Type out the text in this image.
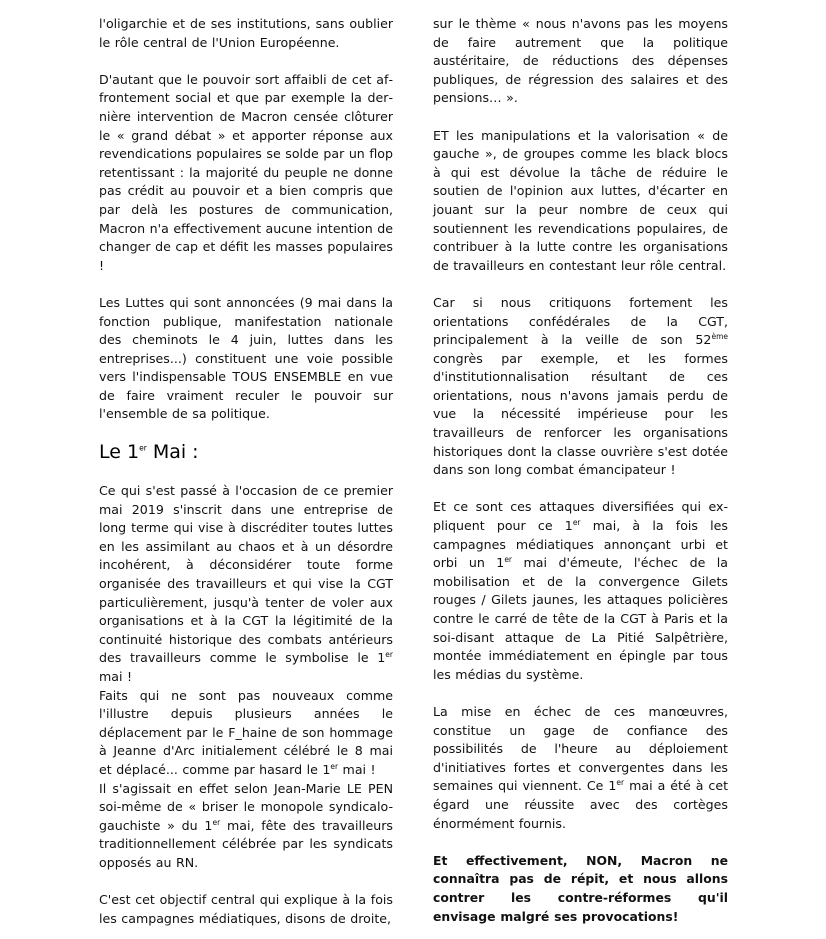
l'oligarchie et de ses institutions, sans oublier le rôle central de l'Union Européenne.

D'autant que le pouvoir sort affaibli de cet affrontement social et que par exemple la dernière intervention de Macron censée clôturer le « grand débat » et apporter réponse aux revendications populaires se solde par un flop retentissant : la majorité du peuple ne donne pas crédit au pouvoir et a bien compris que par delà les postures de communication, Macron n'a effectivement aucune intention de changer de cap et défit les masses populaires !

Les Luttes qui sont annoncées (9 mai dans la fonction publique, manifestation nationale des cheminots le 4 juin, luttes dans les entreprises...) constituent une voie possible vers l'indispensable TOUS ENSEMBLE en vue de faire vraiment reculer le pouvoir sur l'ensemble de sa politique.

Le 1er Mai :

Ce qui s'est passé à l'occasion de ce premier mai 2019 s'inscrit dans une entreprise de long terme qui vise à discréditer toutes luttes en les assimilant au chaos et à un désordre incohérent, à déconsidérer toute forme organisée des travailleurs et qui vise la CGT particulièrement, jusqu'à tenter de voler aux organisations et à la CGT la légitimité de la continuité historique des combats antérieurs des travailleurs comme le symbolise le 1er mai !

Faits qui ne sont pas nouveaux comme l'illustre depuis plusieurs années le déplacement par le F_haine de son hommage à Jeanne d'Arc initialement célébré le 8 mai et déplacé... comme par hasard le 1er mai !

Il s'agissait en effet selon Jean-Marie LE PEN soi-même de « briser le monopole syndicalo-gauchiste » du 1er mai, fête des travailleurs traditionnellement célébrée par les syndicats opposés au RN.

C'est cet objectif central qui explique à la fois les campagnes médiatiques, disons de droite,

sur le thème « nous n'avons pas les moyens de faire autrement que la politique austéritaire, de réductions des dépenses publiques, de régression des salaires et des pensions… ».

ET les manipulations et la valorisation « de gauche », de groupes comme les black blocs à qui est dévolue la tâche de réduire le soutien de l'opinion aux luttes, d'écarter en jouant sur la peur nombre de ceux qui soutiennent les revendications populaires, de contribuer à la lutte contre les organisations de travailleurs en contestant leur rôle central.

Car si nous critiquons fortement les orientations confédérales de la CGT, principalement à la veille de son 52ème congrès par exemple, et les formes d'institutionnalisation résultant de ces orientations, nous n'avons jamais perdu de vue la nécessité impérieuse pour les travailleurs de renforcer les organisations historiques dont la classe ouvrière s'est dotée dans son long combat émancipateur !

Et ce sont ces attaques diversifiées qui expliquent pour ce 1er mai, à la fois les campagnes médiatiques annonçant urbi et orbi un 1er mai d'émeute, l'échec de la mobilisation et de la convergence Gilets rouges / Gilets jaunes, les attaques policières contre le carré de tête de la CGT à Paris et la soi-disant attaque de La Pitié Salpêtrière, montée immédiatement en épingle par tous les médias du système.

La mise en échec de ces manœuvres, constitue un gage de confiance des possibilités de l'heure au déploiement d'initiatives fortes et convergentes dans les semaines qui viennent. Ce 1er mai a été à cet égard une réussite avec des cortèges énormément fournis.

Et effectivement, NON, Macron ne connaîtra pas de répit, et nous allons contrer les contre-réformes qu'il envisage malgré ses provocations!
